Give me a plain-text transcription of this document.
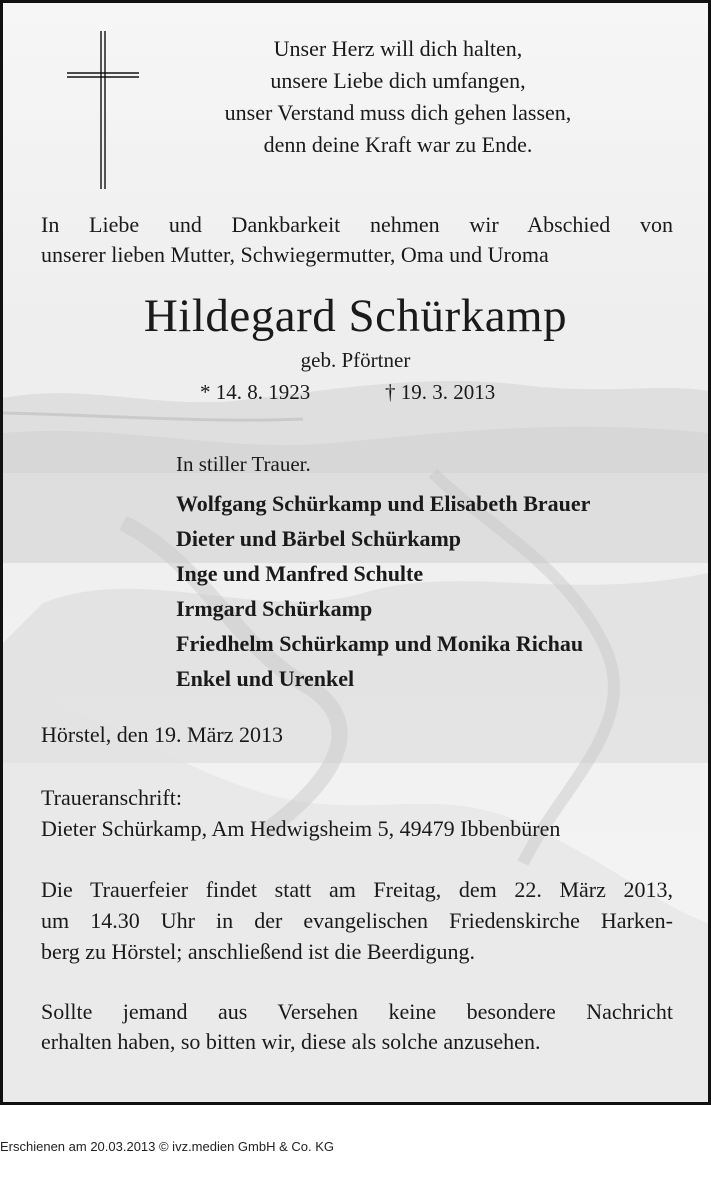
Unser Herz will dich halten,
unsere Liebe dich umfangen,
unser Verstand muss dich gehen lassen,
denn deine Kraft war zu Ende.
In Liebe und Dankbarkeit nehmen wir Abschied von
unserer lieben Mutter, Schwiegermutter, Oma und Uroma
Hildegard Schürkamp
geb. Pförtner
* 14. 8. 1923	† 19. 3. 2013
In stiller Trauer.
Wolfgang Schürkamp und Elisabeth Brauer
Dieter und Bärbel Schürkamp
Inge und Manfred Schulte
Irmgard Schürkamp
Friedhelm Schürkamp und Monika Richau
Enkel und Urenkel
Hörstel, den 19. März 2013
Traueranschrift:
Dieter Schürkamp, Am Hedwigsheim 5, 49479 Ibbenbüren
Die Trauerfeier findet statt am Freitag, dem 22. März 2013,
um 14.30 Uhr in der evangelischen Friedenskirche Harken-
berg zu Hörstel; anschließend ist die Beerdigung.
Sollte jemand aus Versehen keine besondere Nachricht
erhalten haben, so bitten wir, diese als solche anzusehen.
Erschienen am 20.03.2013 © ivz.medien GmbH & Co. KG
